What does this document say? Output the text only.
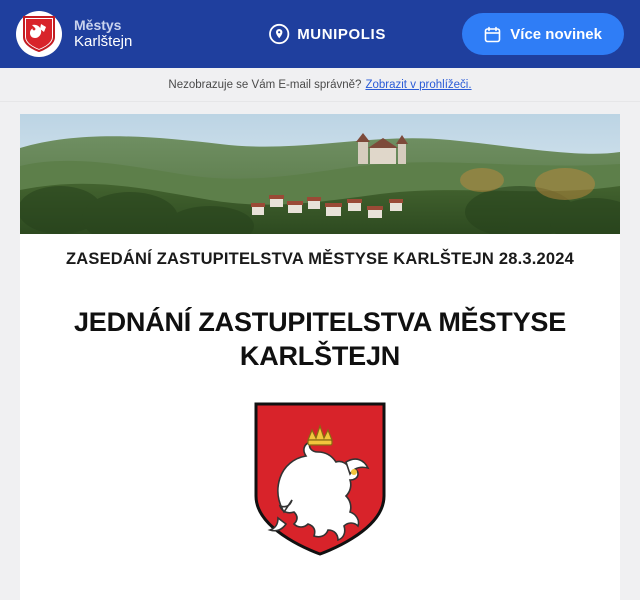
Městys
Karlštejn	MUNIPOLIS	Více novinek
Nezobrazuje se Vám E-mail správně? Zobrazit v prohlížeči.
ZASEDÁNÍ ZASTUPITELSTVA MĚSTYSE KARLŠTEJN 28.3.2024
JEDNÁNÍ ZASTUPITELSTVA MĚSTYSE KARLŠTEJN
